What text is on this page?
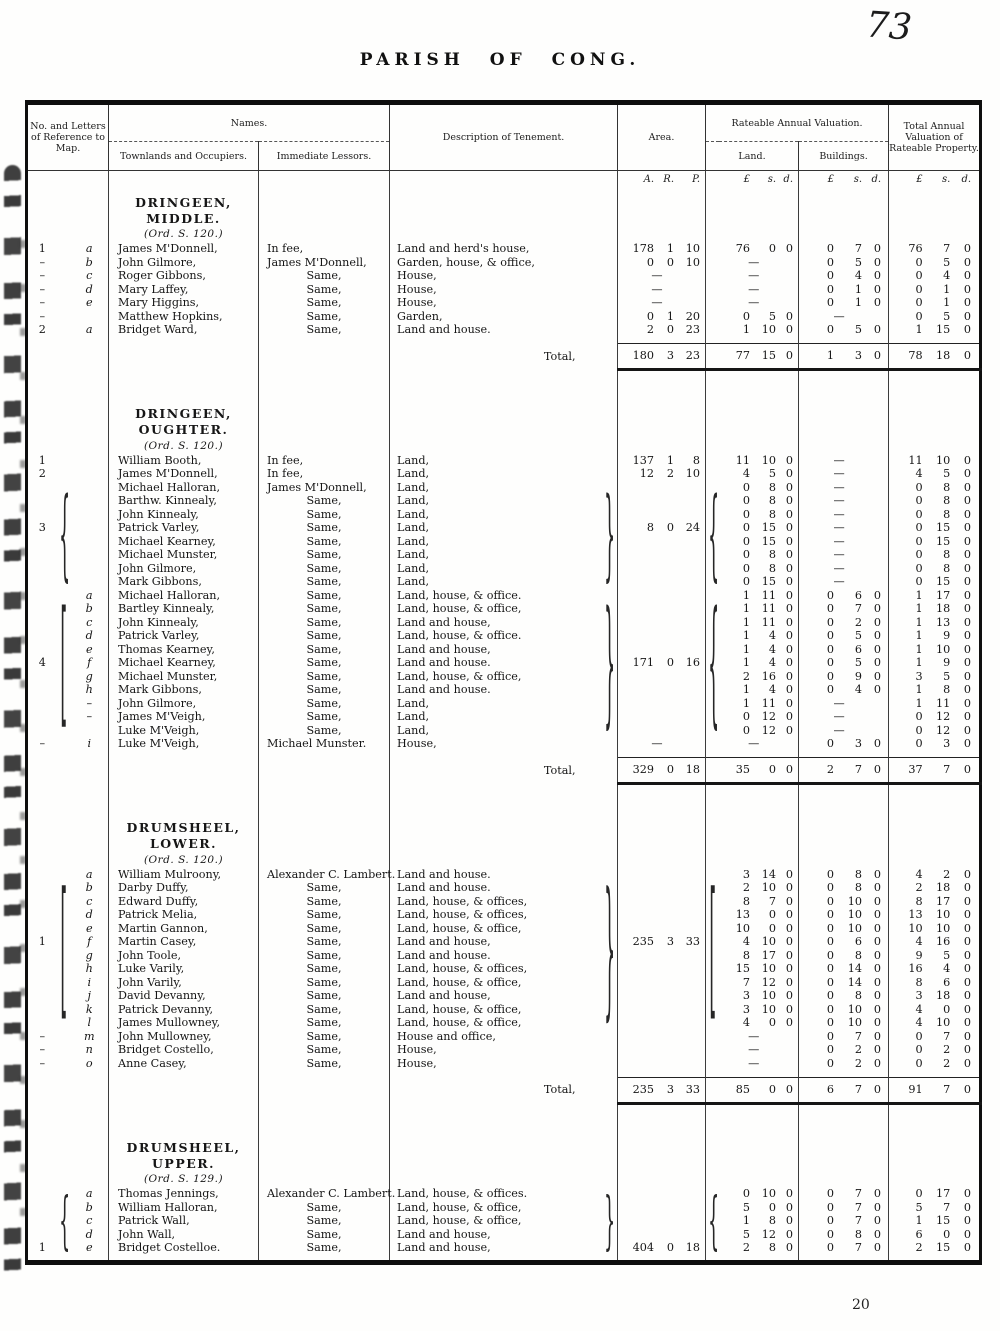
73
PARISH OF CONG.
No. and Letters of Reference to Map.			Names.		Description of Tenement.		Area.	Rateable Annual Valuation.			Total Annual Valuation of Rateable Property.
			Townlands and Occupiers.	Immediate Lessors.				Land.		Buildings.	

							A. R. P.		£ s. d.	£ s. d.	£ s. d.

			DRINGEEN,								
			MIDDLE.								
			(Ord. S. 120.)								
1		a	James M'Donnell,	In fee,	Land and herd's house,		178 1 10		76 0 0	0 7 0	76 7 0

–		b	John Gilmore,	James M'Donnell,	Garden, house, & office,		0 0 10		—	0 5 0	0 5 0

–		c	Roger Gibbons,	Same,	House,		—		—	0 4 0	0 4 0

–		d	Mary Laffey,	Same,	House,		—		—	0 1 0	0 1 0

–		e	Mary Higgins,	Same,	House,		—		—	0 1 0	0 1 0

–			Matthew Hopkins,	Same,	Garden,		0 1 20		0 5 0	—	0 5 0

2		a	Bridget Ward,	Same,	Land and house.		2 0 23		1 10 0	0 5 0	1 15 0

					Total,		180 3 23		77 15 0	1 3 0	78 18 0

			DRINGEEN,								
			OUGHTER.								
			(Ord. S. 120.)								
1			William Booth,	In fee,	Land,		137 1 8		11 10 0	—	11 10 0

2			James M'Donnell,	In fee,	Land,		12 2 10		4 5 0	—	4 5 0

	{		Michael Halloran,	James M'Donnell,	Land,	}		{	0 8 0	—	0 8 0

			Barthw. Kinnealy,	Same,	Land,				0 8 0	—	0 8 0

			John Kinnealy,	Same,	Land,				0 8 0	—	0 8 0

3			Patrick Varley,	Same,	Land,		8 0 24		0 15 0	—	0 15 0

			Michael Kearney,	Same,	Land,				0 15 0	—	0 15 0

			Michael Munster,	Same,	Land,				0 8 0	—	0 8 0

			John Gilmore,	Same,	Land,				0 8 0	—	0 8 0

			Mark Gibbons,	Same,	Land,				0 15 0	—	0 15 0

	[	a	Michael Halloran,	Same,	Land, house, & office.	}		{	1 11 0	0 6 0	1 17 0

		b	Bartley Kinnealy,	Same,	Land, house, & office,				1 11 0	0 7 0	1 18 0

		c	John Kinnealy,	Same,	Land and house,				1 11 0	0 2 0	1 13 0

		d	Patrick Varley,	Same,	Land, house, & office.				1 4 0	0 5 0	1 9 0

		e	Thomas Kearney,	Same,	Land and house,				1 4 0	0 6 0	1 10 0

4		f	Michael Kearney,	Same,	Land and house.		171 0 16		1 4 0	0 5 0	1 9 0

		g	Michael Munster,	Same,	Land, house, & office,				2 16 0	0 9 0	3 5 0

		h	Mark Gibbons,	Same,	Land and house.				1 4 0	0 4 0	1 8 0

		–	John Gilmore,	Same,	Land,				1 11 0	—	1 11 0

		–	James M'Veigh,	Same,	Land,				0 12 0	—	0 12 0

			Luke M'Veigh,	Same,	Land,				0 12 0	—	0 12 0

–		i	Luke M'Veigh,	Michael Munster.	House,		—		—	0 3 0	0 3 0

					Total,		329 0 18		35 0 0	2 7 0	37 7 0

			DRUMSHEEL,								
			LOWER.								
			(Ord. S. 120.)								
	[	a	William Mulroony,	Alexander C. Lambert.	Land and house.	}		[	3 14 0	0 8 0	4 2 0

		b	Darby Duffy,	Same,	Land and house.				2 10 0	0 8 0	2 18 0

		c	Edward Duffy,	Same,	Land, house, & offices,				8 7 0	0 10 0	8 17 0

		d	Patrick Melia,	Same,	Land, house, & offices,				13 0 0	0 10 0	13 10 0

		e	Martin Gannon,	Same,	Land, house, & office,				10 0 0	0 10 0	10 10 0

1		f	Martin Casey,	Same,	Land and house,		235 3 33		4 10 0	0 6 0	4 16 0

		g	John Toole,	Same,	Land and house.				8 17 0	0 8 0	9 5 0

		h	Luke Varily,	Same,	Land, house, & offices,				15 10 0	0 14 0	16 4 0

		i	John Varily,	Same,	Land, house, & office,				7 12 0	0 14 0	8 6 0

		j	David Devanny,	Same,	Land and house,				3 10 0	0 8 0	3 18 0

		k	Patrick Devanny,	Same,	Land, house, & office,				3 10 0	0 10 0	4 0 0

		l	James Mullowney,	Same,	Land, house, & office,				4 0 0	0 10 0	4 10 0

–		m	John Mullowney,	Same,	House and office,				—	0 7 0	0 7 0

–		n	Bridget Costello,	Same,	House,				—	0 2 0	0 2 0

–		o	Anne Casey,	Same,	House,				—	0 2 0	0 2 0

					Total,		235 3 33		85 0 0	6 7 0	91 7 0

			DRUMSHEEL,								
			UPPER.								
			(Ord. S. 129.)								
	{	a	Thomas Jennings,	Alexander C. Lambert.	Land, house, & offices.	}		{	0 10 0	0 7 0	0 17 0

		b	William Halloran,	Same,	Land, house, & office,				5 0 0	0 7 0	5 7 0

		c	Patrick Wall,	Same,	Land, house, & office,				1 8 0	0 7 0	1 15 0

		d	John Wall,	Same,	Land and house,				5 12 0	0 8 0	6 0 0

1		e	Bridget Costelloe.	Same,	Land and house,		404 0 18		2 8 0	0 7 0	2 15 0

20
